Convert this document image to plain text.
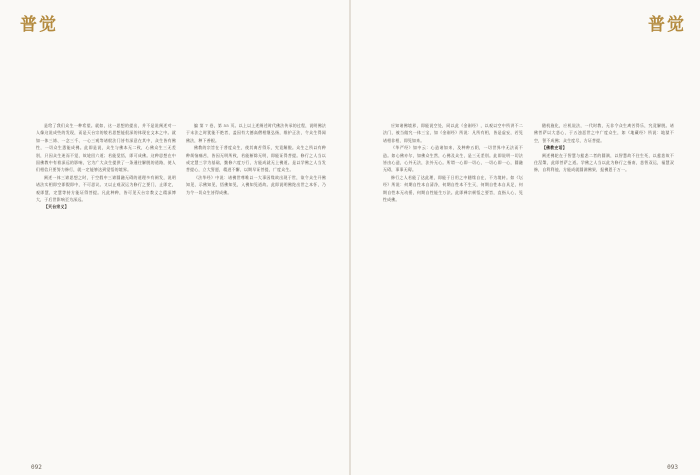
普觉

是给了我们众生一种希望。就如，这一思想的提出，并不是说阐述对一人像这说成些的发现，而是天台宗的般若思想能很深的体现在文本之中。就如一体三谛、一念三千、一心三观等诸般法门皆有深意在其中，众生皆有佛性，一切众生悉能成佛。此即是说，众生与佛本无二致，心佛众生三无差别，只因众生迷而不觉，故轮回六道；若能觉悟，即可成佛。这种思想在中国佛教中有着深远的影响，它为广大众生提供了一条通往解脱的道路，使人们相信只要努力修行，就一定能够达到觉悟的境界。

阐述一体三谛思想之时，于空假中三谛圆融无碍的道理多有阐发，说明诸法实相即空即假即中，不可思议。又以止观双运为修行之要门，止即定，观即慧，定慧等持方能证得菩提。凡此种种，皆可见天台宗教义之精深博大，于后世影响至为深远。

【天台宗义】

编 第 7 卷，第 55 页。以上以上述阐述时代佛法传承的过程，说明佛法于末法之时犹能不绝者，盖因有大德高僧相继弘扬，维护正法，令众生得闻佛法，种下善根。

佛教的宗旨在于普度众生，使其离苦得乐，究竟解脱。众生之所以有种种烦恼痛苦，皆因无明所致，若能断除无明，即能证得菩提。修行之人当以戒定慧三学为基础，勤修六度万行，方能成就无上佛道。是以学佛之人当发菩提心，立大誓愿，精进不懈，以期早证菩提，广度众生。

《法华经》中说：诸佛世尊唯以一大事因缘故出现于世，欲令众生开佛知见，示佛知见，悟佛知见，入佛知见道故。此即说明佛陀出世之本怀，乃为令一切众生皆得成佛。

092
普觉

应知诸佛境界，即能说空处，同以此《金刚经》，以观以空中所讲不二法门，被当做究一体三宝，如《金刚经》所说：凡所有相，皆是虚妄，若见诸相非相，即见如来。

《华严经》如中云：心造诸如来，及种种五阴，一切世界中无法而不造。如心佛亦尔，如佛众生然，心佛及众生，是三无差别。此即说明一切法皆由心造，心外无法，法外无心。所谓一心即一切心，一切心即一心，圆融无碍，事事无碍。

修行之人若能了达此理，即能于日用之中随缘自在，不为境转。如《坛经》所说：何期自性本自清净，何期自性本不生灭，何期自性本自具足，何期自性本无动摇，何期自性能生万法。此即禅宗顿悟之要旨，直指人心，见性成佛。

随机施化，应机说法，一代时教，无非令众生离苦得乐，究竟解脱。诸佛菩萨以大悲心，于五浊恶世之中广度众生，如《地藏经》所说：地狱不空，誓不成佛；众生度尽，方证菩提。

【佛教史话】

阐述佛陀在于智慧与慈悲二者的圆满，以智慧故不住生死，以慈悲故不住涅槃，此即菩萨之道。学佛之人当以此为修行之指南，悲智双运，福慧双修，自利利他，方能成就圆满佛果，报佛恩于万一。

093
